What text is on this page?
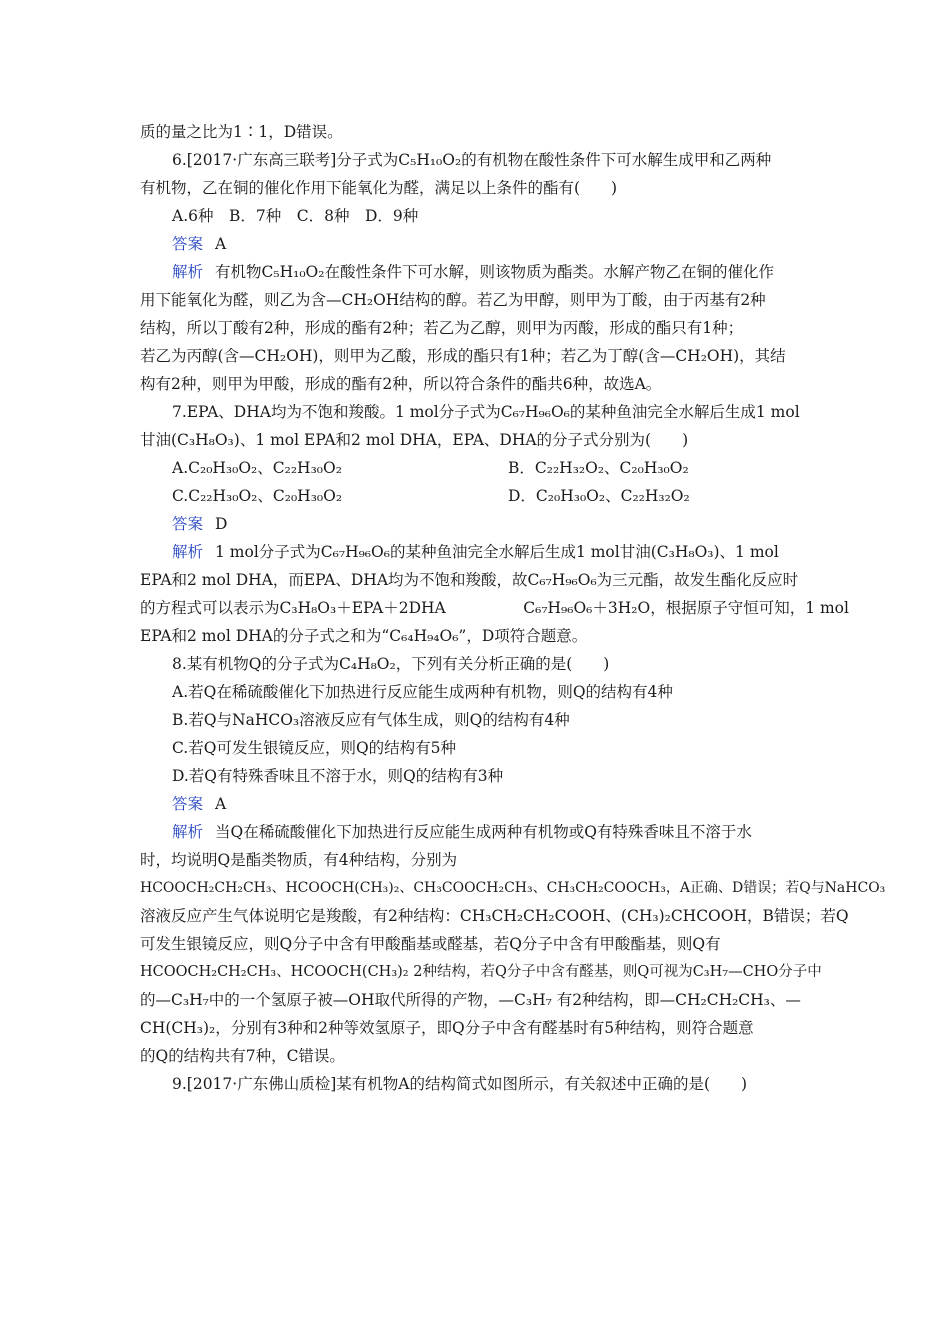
质的量之比为1∶1，D错误。
6.[2017·广东高三联考]分子式为C₅H₁₀O₂的有机物在酸性条件下可水解生成甲和乙两种
有机物，乙在铜的催化作用下能氧化为醛，满足以上条件的酯有(　　)
A.6种　B．7种　C．8种　D．9种
答案 A
解析 有机物C₅H₁₀O₂在酸性条件下可水解，则该物质为酯类。水解产物乙在铜的催化作
用下能氧化为醛，则乙为含—CH₂OH结构的醇。若乙为甲醇，则甲为丁酸，由于丙基有2种
结构，所以丁酸有2种，形成的酯有2种；若乙为乙醇，则甲为丙酸，形成的酯只有1种；
若乙为丙醇(含—CH₂OH)，则甲为乙酸，形成的酯只有1种；若乙为丁醇(含—CH₂OH)，其结
构有2种，则甲为甲酸，形成的酯有2种，所以符合条件的酯共6种，故选A。
7.EPA、DHA均为不饱和羧酸。1 mol分子式为C₆₇H₉₆O₆的某种鱼油完全水解后生成1 mol
甘油(C₃H₈O₃)、1 mol EPA和2 mol DHA，EPA、DHA的分子式分别为(　　)
A.C₂₀H₃₀O₂、C₂₂H₃₀O₂	B．C₂₂H₃₂O₂、C₂₀H₃₀O₂
C.C₂₂H₃₀O₂、C₂₀H₃₀O₂	D．C₂₀H₃₀O₂、C₂₂H₃₂O₂
答案 D
解析 1 mol分子式为C₆₇H₉₆O₆的某种鱼油完全水解后生成1 mol甘油(C₃H₈O₃)、1 mol
EPA和2 mol DHA，而EPA、DHA均为不饱和羧酸，故C₆₇H₉₆O₆为三元酯，故发生酯化反应时
的方程式可以表示为C₃H₈O₃＋EPA＋2DHA　　　　　C₆₇H₉₆O₆＋3H₂O，根据原子守恒可知，1 mol
EPA和2 mol DHA的分子式之和为“C₆₄H₉₄O₆”，D项符合题意。
8.某有机物Q的分子式为C₄H₈O₂，下列有关分析正确的是(　　)
A.若Q在稀硫酸催化下加热进行反应能生成两种有机物，则Q的结构有4种
B.若Q与NaHCO₃溶液反应有气体生成，则Q的结构有4种
C.若Q可发生银镜反应，则Q的结构有5种
D.若Q有特殊香味且不溶于水，则Q的结构有3种
答案 A
解析 当Q在稀硫酸催化下加热进行反应能生成两种有机物或Q有特殊香味且不溶于水
时，均说明Q是酯类物质，有4种结构，分别为
HCOOCH₂CH₂CH₃、HCOOCH(CH₃)₂、CH₃COOCH₂CH₃、CH₃CH₂COOCH₃，A正确、D错误；若Q与NaHCO₃
溶液反应产生气体说明它是羧酸，有2种结构：CH₃CH₂CH₂COOH、(CH₃)₂CHCOOH，B错误；若Q
可发生银镜反应，则Q分子中含有甲酸酯基或醛基，若Q分子中含有甲酸酯基，则Q有
HCOOCH₂CH₂CH₃、HCOOCH(CH₃)₂ 2种结构，若Q分子中含有醛基，则Q可视为C₃H₇—CHO分子中
的—C₃H₇中的一个氢原子被—OH取代所得的产物，—C₃H₇ 有2种结构，即—CH₂CH₂CH₃、—
CH(CH₃)₂，分别有3种和2种等效氢原子，即Q分子中含有醛基时有5种结构，则符合题意
的Q的结构共有7种，C错误。
9.[2017·广东佛山质检]某有机物A的结构简式如图所示，有关叙述中正确的是(　　)
